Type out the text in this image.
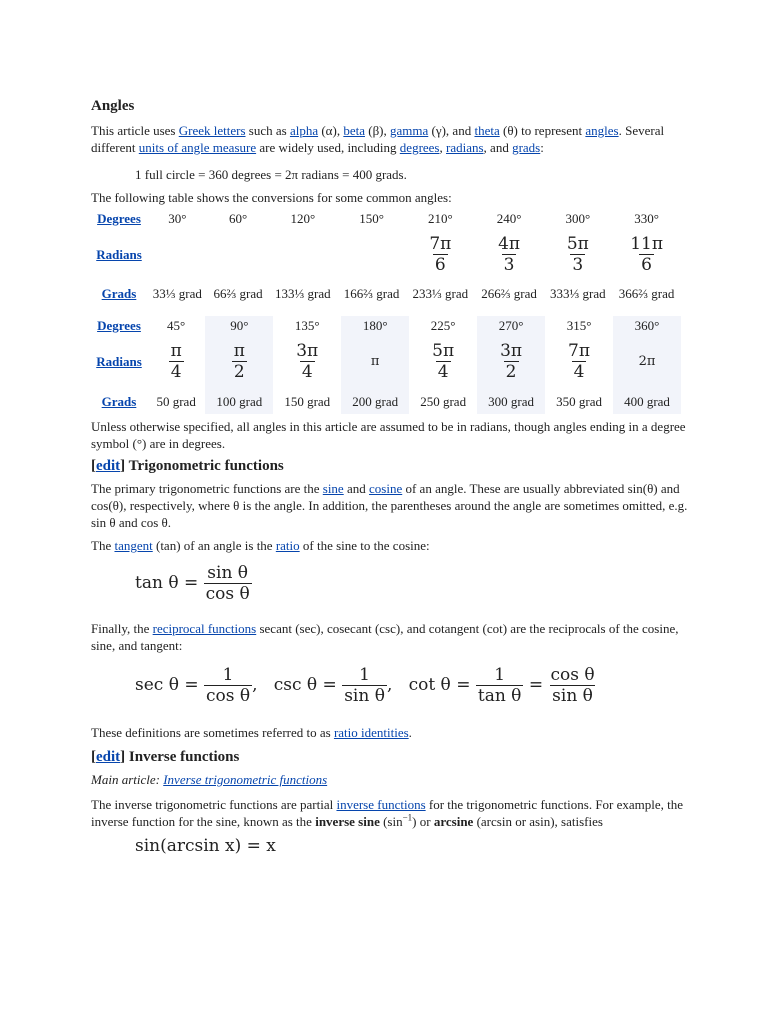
Angles

This article uses Greek letters such as alpha (α), beta (β), gamma (γ), and theta (θ) to represent angles. Several different units of angle measure are widely used, including degrees, radians, and grads:

1 full circle = 360 degrees = 2π radians = 400 grads.

The following table shows the conversions for some common angles:

Degrees	30°	60°	120°	150°	210°	240°	300°	330°
Radians					$\frac{7\pi}{6}$	$\frac{4\pi}{3}$	$\frac{5\pi}{3}$	$\frac{11\pi}{6}$

Grads	33⅓ grad	66⅔ grad	133⅓ grad	166⅔ grad	233⅓ grad	266⅔ grad	333⅓ grad	366⅔ grad
Degrees	45°	90°	135°	180°	225°	270°	315°	360°
Radians	$\frac{\pi}{4}$	$\frac{\pi}{2}$	$\frac{3\pi}{4}$	π	$\frac{5\pi}{4}$	$\frac{3\pi}{2}$	$\frac{7\pi}{4}$	2π
Grads	50 grad	100 grad	150 grad	200 grad	250 grad	300 grad	350 grad	400 grad

Unless otherwise specified, all angles in this article are assumed to be in radians, though angles ending in a degree symbol (°) are in degrees.

[edit] Trigonometric functions

The primary trigonometric functions are the sine and cosine of an angle. These are usually abbreviated sin(θ) and cos(θ), respectively, where θ is the angle. In addition, the parentheses around the angle are sometimes omitted, e.g. sin θ and cos θ.

The tangent (tan) of an angle is the ratio of the sine to the cosine:

tan θ =
$\frac{\text{sin θ}}{\text{cos θ}}$

Finally, the reciprocal functions secant (sec), cosecant (csc), and cotangent (cot) are the reciprocals of the cosine, sine, and tangent:

sec θ =
$\frac{1}{\text{cos θ}}$ ,   csc θ =
$\frac{1}{\text{sin θ}}$ ,   cot θ =
$\frac{1}{\text{tan θ}}$
=
$\frac{\text{cos θ}}{\text{sin θ}}$

These definitions are sometimes referred to as ratio identities.

[edit] Inverse functions

Main article: Inverse trigonometric functions

The inverse trigonometric functions are partial inverse functions for the trigonometric functions. For example, the inverse function for the sine, known as the inverse sine $(\sin^{-1})$ or arcsine (arcsin or asin), satisfies

sin(arcsin x) = x
